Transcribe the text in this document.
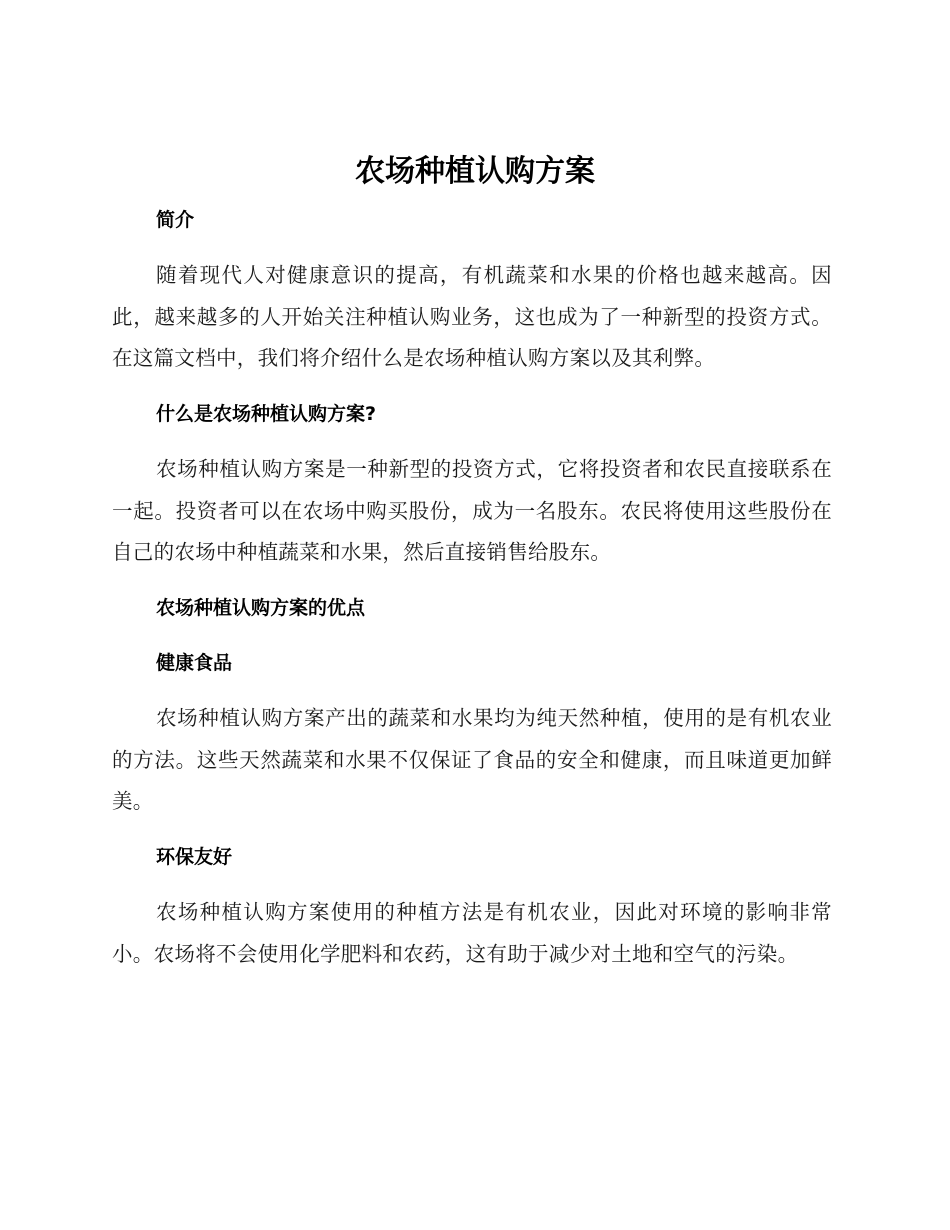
农场种植认购方案
简介

随着现代人对健康意识的提高，有机蔬菜和水果的价格也越来越高。因此，越来越多的人开始关注种植认购业务，这也成为了一种新型的投资方式。在这篇文档中，我们将介绍什么是农场种植认购方案以及其利弊。

什么是农场种植认购方案?

农场种植认购方案是一种新型的投资方式，它将投资者和农民直接联系在一起。投资者可以在农场中购买股份，成为一名股东。农民将使用这些股份在自己的农场中种植蔬菜和水果，然后直接销售给股东。

农场种植认购方案的优点
健康食品

农场种植认购方案产出的蔬菜和水果均为纯天然种植，使用的是有机农业的方法。这些天然蔬菜和水果不仅保证了食品的安全和健康，而且味道更加鲜美。

环保友好

农场种植认购方案使用的种植方法是有机农业，因此对环境的影响非常小。农场将不会使用化学肥料和农药，这有助于减少对土地和空气的污染。
